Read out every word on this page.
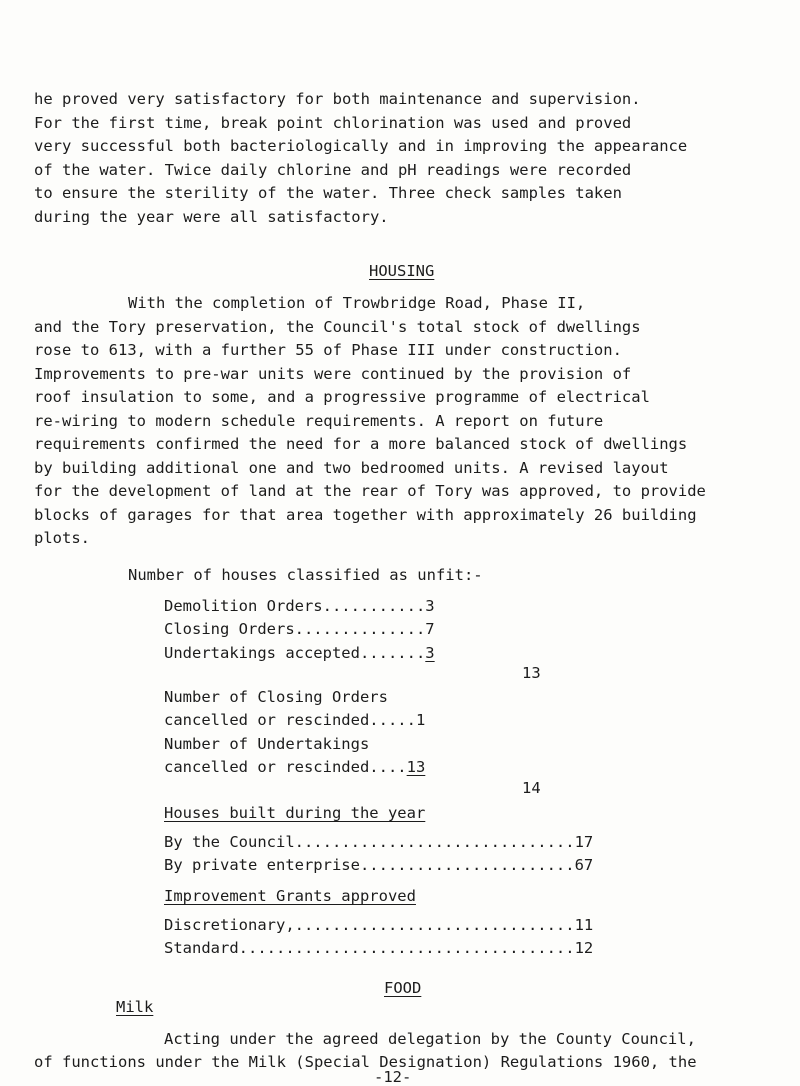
he proved very satisfactory for both maintenance and supervision.
For the first time, break point chlorination was used and proved
very successful both bacteriologically and in improving the appearance
of the water. Twice daily chlorine and pH readings were recorded
to ensure the sterility of the water. Three check samples taken
during the year were all satisfactory.
HOUSING
With the completion of Trowbridge Road, Phase II,
and the Tory preservation, the Council's total stock of dwellings
rose to 613, with a further 55 of Phase III under construction.
Improvements to pre-war units were continued by the provision of
roof insulation to some, and a progressive programme of electrical
re-wiring to modern schedule requirements. A report on future
requirements confirmed the need for a more balanced stock of dwellings
by building additional one and two bedroomed units. A revised layout
for the development of land at the rear of Tory was approved, to provide
blocks of garages for that area together with approximately 26 building
plots.
Number of houses classified as unfit:-
Demolition Orders...........3
Closing Orders..............7
Undertakings accepted.......3
13
Number of Closing Orders
cancelled or rescinded.....1
Number of Undertakings
cancelled or rescinded....13
14
Houses built during the year
By the Council..............................17
By private enterprise.......................67
Improvement Grants approved
Discretionary,..............................11
Standard....................................12
FOOD
Milk
Acting under the agreed delegation by the County Council,
of functions under the Milk (Special Designation) Regulations 1960, the
-12-
